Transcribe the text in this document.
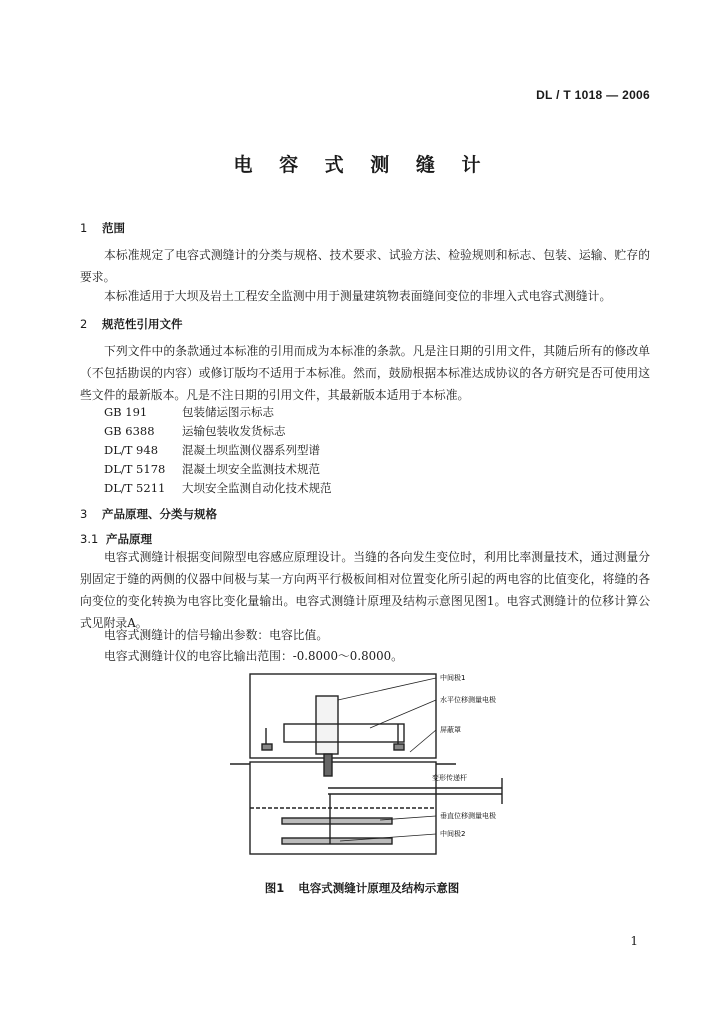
DL / T 1018 — 2006
电 容 式 测 缝 计
1 范围
本标准规定了电容式测缝计的分类与规格、技术要求、试验方法、检验规则和标志、包装、运输、贮存的要求。
本标准适用于大坝及岩土工程安全监测中用于测量建筑物表面缝间变位的非埋入式电容式测缝计。
2 规范性引用文件
下列文件中的条款通过本标准的引用而成为本标准的条款。凡是注日期的引用文件，其随后所有的修改单（不包括勘误的内容）或修订版均不适用于本标准。然而，鼓励根据本标准达成协议的各方研究是否可使用这些文件的最新版本。凡是不注日期的引用文件，其最新版本适用于本标准。
GB 191	包装储运图示标志
GB 6388 运输包装收发货标志
DL/T 948 混凝土坝监测仪器系列型谱
DL/T 5178 混凝土坝安全监测技术规范
DL/T 5211 大坝安全监测自动化技术规范
3 产品原理、分类与规格
3.1 产品原理
电容式测缝计根据变间隙型电容感应原理设计。当缝的各向发生变位时，利用比率测量技术，通过测量分别固定于缝的两侧的仪器中间极与某一方向两平行极板间相对位置变化所引起的两电容的比值变化，将缝的各向变位的变化转换为电容比变化量输出。电容式测缝计原理及结构示意图见图1。电容式测缝计的位移计算公式见附录A。
电容式测缝计的信号输出参数：电容比值。
电容式测缝计仪的电容比输出范围：-0.8000～0.8000。
中间极1
水平位移测量电极
屏蔽罩
变形传递杆
垂直位移测量电极
中间极2
图1 电容式测缝计原理及结构示意图
1
